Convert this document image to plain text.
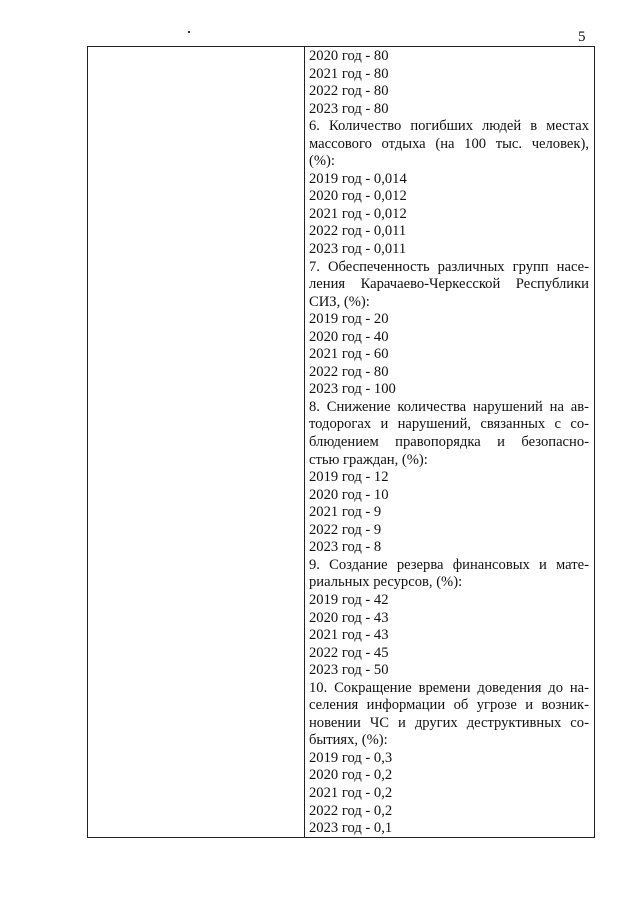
5
2020 год - 80
2021 год - 80
2022 год - 80
2023 год - 80
6. Количество погибших людей в местах
массового отдыха (на 100 тыс. человек),
(%):
2019 год - 0,014
2020 год - 0,012
2021 год - 0,012
2022 год - 0,011
2023 год - 0,011
7. Обеспеченность различных групп насе-
ления Карачаево-Черкесской Республики
СИЗ, (%):
2019 год - 20
2020 год - 40
2021 год - 60
2022 год - 80
2023 год - 100
8. Снижение количества нарушений на ав-
тодорогах и нарушений, связанных с со-
блюдением правопорядка и безопасно-
стью граждан, (%):
2019 год - 12
2020 год - 10
2021 год - 9
2022 год - 9
2023 год - 8
9. Создание резерва финансовых и мате-
риальных ресурсов, (%):
2019 год - 42
2020 год - 43
2021 год - 43
2022 год - 45
2023 год - 50
10. Сокращение времени доведения до на-
селения информации об угрозе и возник-
новении ЧС и других деструктивных со-
бытиях, (%):
2019 год - 0,3
2020 год - 0,2
2021 год - 0,2
2022 год - 0,2
2023 год - 0,1
